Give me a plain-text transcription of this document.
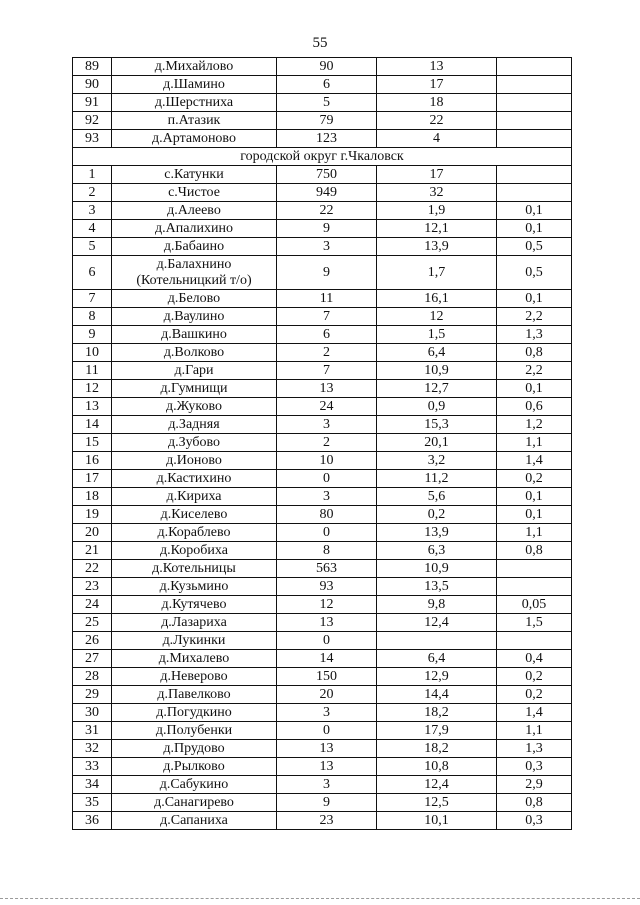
55
89	д.Михайлово	90	13	
90	д.Шамино	6	17	
91	д.Шерстниха	5	18	
92	п.Атазик	79	22	
93	д.Артамоново	123	4	
городской округ г.Чкаловск				
1	с.Катунки	750	17	
2	с.Чистое	949	32	
3	д.Алеево	22	1,9	0,1
4	д.Апалихино	9	12,1	0,1
5	д.Бабаино	3	13,9	0,5
6	д.Балахнино (Котельницкий т/о)	9	1,7	0,5
7	д.Белово	11	16,1	0,1
8	д.Ваулино	7	12	2,2
9	д.Вашкино	6	1,5	1,3
10	д.Волково	2	6,4	0,8
11	д.Гари	7	10,9	2,2
12	д.Гумнищи	13	12,7	0,1
13	д.Жуково	24	0,9	0,6
14	д.Задняя	3	15,3	1,2
15	д.Зубово	2	20,1	1,1
16	д.Ионово	10	3,2	1,4
17	д.Кастихино	0	11,2	0,2
18	д.Кириха	3	5,6	0,1
19	д.Киселево	80	0,2	0,1
20	д.Кораблево	0	13,9	1,1
21	д.Коробиха	8	6,3	0,8
22	д.Котельницы	563	10,9	
23	д.Кузьмино	93	13,5	
24	д.Кутячево	12	9,8	0,05
25	д.Лазариха	13	12,4	1,5
26	д.Лукинки	0		
27	д.Михалево	14	6,4	0,4
28	д.Неверово	150	12,9	0,2
29	д.Павелково	20	14,4	0,2
30	д.Погудкино	3	18,2	1,4
31	д.Полубенки	0	17,9	1,1
32	д.Прудово	13	18,2	1,3
33	д.Рылково	13	10,8	0,3
34	д.Сабукино	3	12,4	2,9
35	д.Санагирево	9	12,5	0,8
36	д.Сапаниха	23	10,1	0,3
